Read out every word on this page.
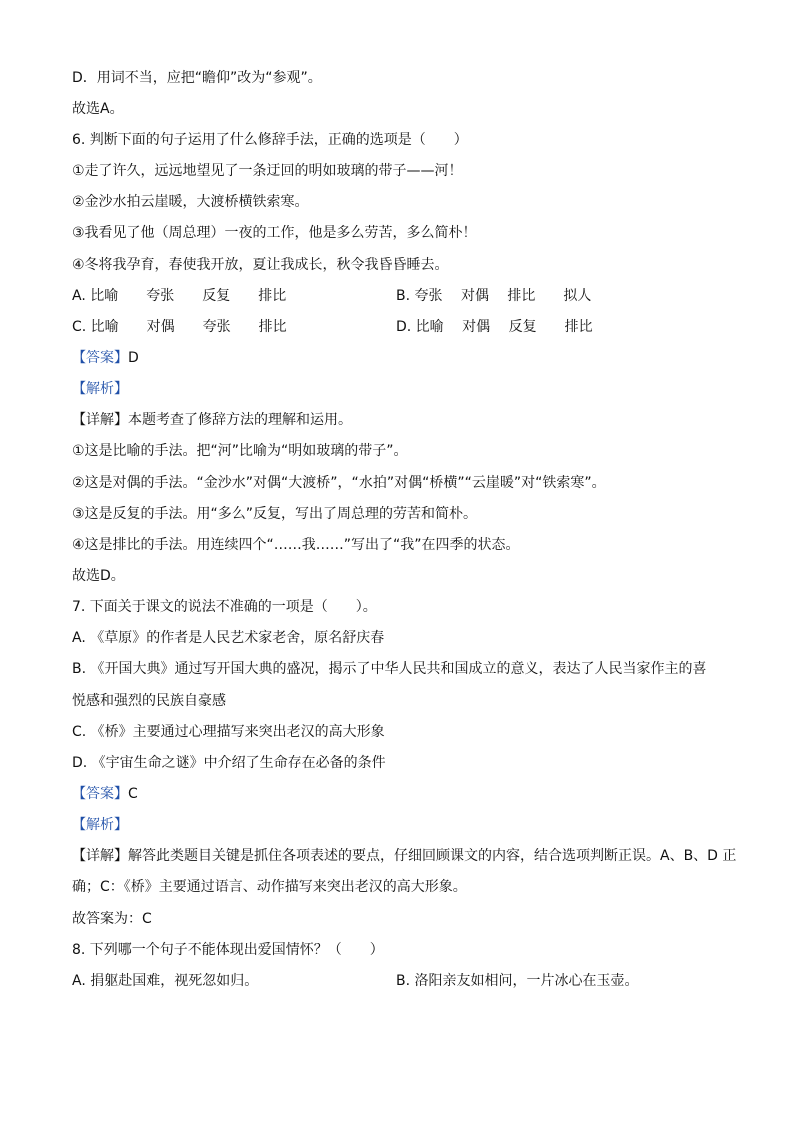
D．用词不当，应把“瞻仰”改为“参观”。
故选A。
6. 判断下面的句子运用了什么修辞手法，正确的选项是（　　）
①走了许久，远远地望见了一条迂回的明如玻璃的带子——河！
②金沙水拍云崖暖，大渡桥横铁索寒。
③我看见了他（周总理）一夜的工作，他是多么劳苦，多么简朴！
④冬将我孕育，春使我开放，夏让我成长，秋令我昏昏睡去。
A. 比喻　　夸张　　反复　　排比	B. 夸张　 对偶　 排比　　拟人
C. 比喻　　对偶　　夸张　　排比	D. 比喻　 对偶　 反复　　排比
【答案】D
【解析】
【详解】本题考查了修辞方法的理解和运用。
①这是比喻的手法。把“河”比喻为“明如玻璃的带子”。
②这是对偶的手法。“金沙水”对偶“大渡桥”，“水拍”对偶“桥横”“云崖暖”对“铁索寒”。
③这是反复的手法。用“多么”反复，写出了周总理的劳苦和简朴。
④这是排比的手法。用连续四个“……我……”写出了“我”在四季的状态。
故选D。
7. 下面关于课文的说法不准确的一项是（　　）。
A. 《草原》的作者是人民艺术家老舍，原名舒庆春
B. 《开国大典》通过写开国大典的盛况，揭示了中华人民共和国成立的意义，表达了人民当家作主的喜
悦感和强烈的民族自豪感
C. 《桥》主要通过心理描写来突出老汉的高大形象
D. 《宇宙生命之谜》中介绍了生命存在必备的条件
【答案】C
【解析】
【详解】解答此类题目关键是抓住各项表述的要点，仔细回顾课文的内容，结合选项判断正误。A、B、D 正
确；C：《桥》主要通过语言、动作描写来突出老汉的高大形象。
故答案为：C
8. 下列哪一个句子不能体现出爱国情怀？（　　）
A. 捐躯赴国难，视死忽如归。	B. 洛阳亲友如相问，一片冰心在玉壶。
